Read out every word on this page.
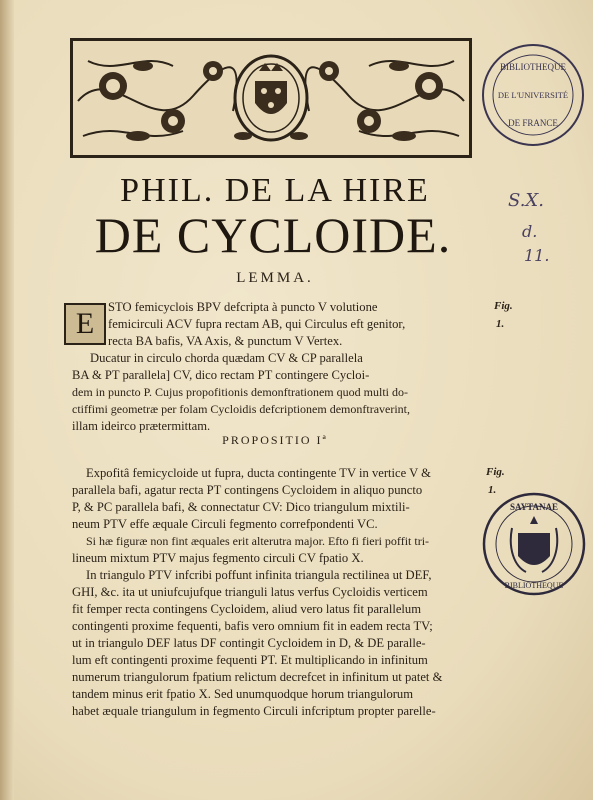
BIBLIOTHEQUE
DE L'UNIVERSITÉ
DE FRANCE
PHIL. DE LA HIRE
DE CYCLOIDE.
LEMMA.
S.X.
d.
11.
E	STO femicyclois BPV defcripta à puncto V volutione
femicirculi ACV fupra rectam AB, qui Circulus eft genitor,
recta BA bafis, VA Axis, & punctum V Vertex.
Ducatur in circulo chorda quædam CV & CP parallela
BA & PT parallela] CV, dico rectam PT contingere Cycloi-
dem in puncto P. Cujus propofitionis demonftrationem quod multi do-
ctiffimi geometræ per folam Cycloidis defcriptionem demonftraverint,
illam ideirco prætermittam.
Fig.
1.
PROPOSITIO Iª
Expofitâ femicycloide ut fupra, ducta contingente TV in vertice V &
parallela bafi, agatur recta PT contingens Cycloidem in aliquo puncto
P, & PC parallela bafi, & connectatur CV: Dico triangulum mixtili-
neum PTV effe æquale Circuli fegmento correfpondenti VC.
Si hæ figuræ non fint æquales erit alterutra major. Efto fi fieri poffit tri-
lineum mixtum PTV majus fegmento circuli CV fpatio X.
In triangulo PTV infcribi poffunt infinita triangula rectilinea ut DEF,
GHI, &c. ita ut uniufcujufque trianguli latus verfus Cycloidis verticem
fit femper recta contingens Cycloidem, aliud vero latus fit parallelum
contingenti proxime fequenti, bafis vero omnium fit in eadem recta TV;
ut in triangulo DEF latus DF contingit Cycloidem in D, & DE paralle-
lum eft contingenti proxime fequenti PT. Et multiplicando in infinitum
numerum triangulorum fpatium relictum decrefcet in infinitum ut patet &
tandem minus erit fpatio X. Sed unumquodque horum triangulorum
habet æquale triangulum in fegmento Circuli infcriptum propter parelle-
Fig.
1.
SAYTANAE
BIBLIOTHEQUE
